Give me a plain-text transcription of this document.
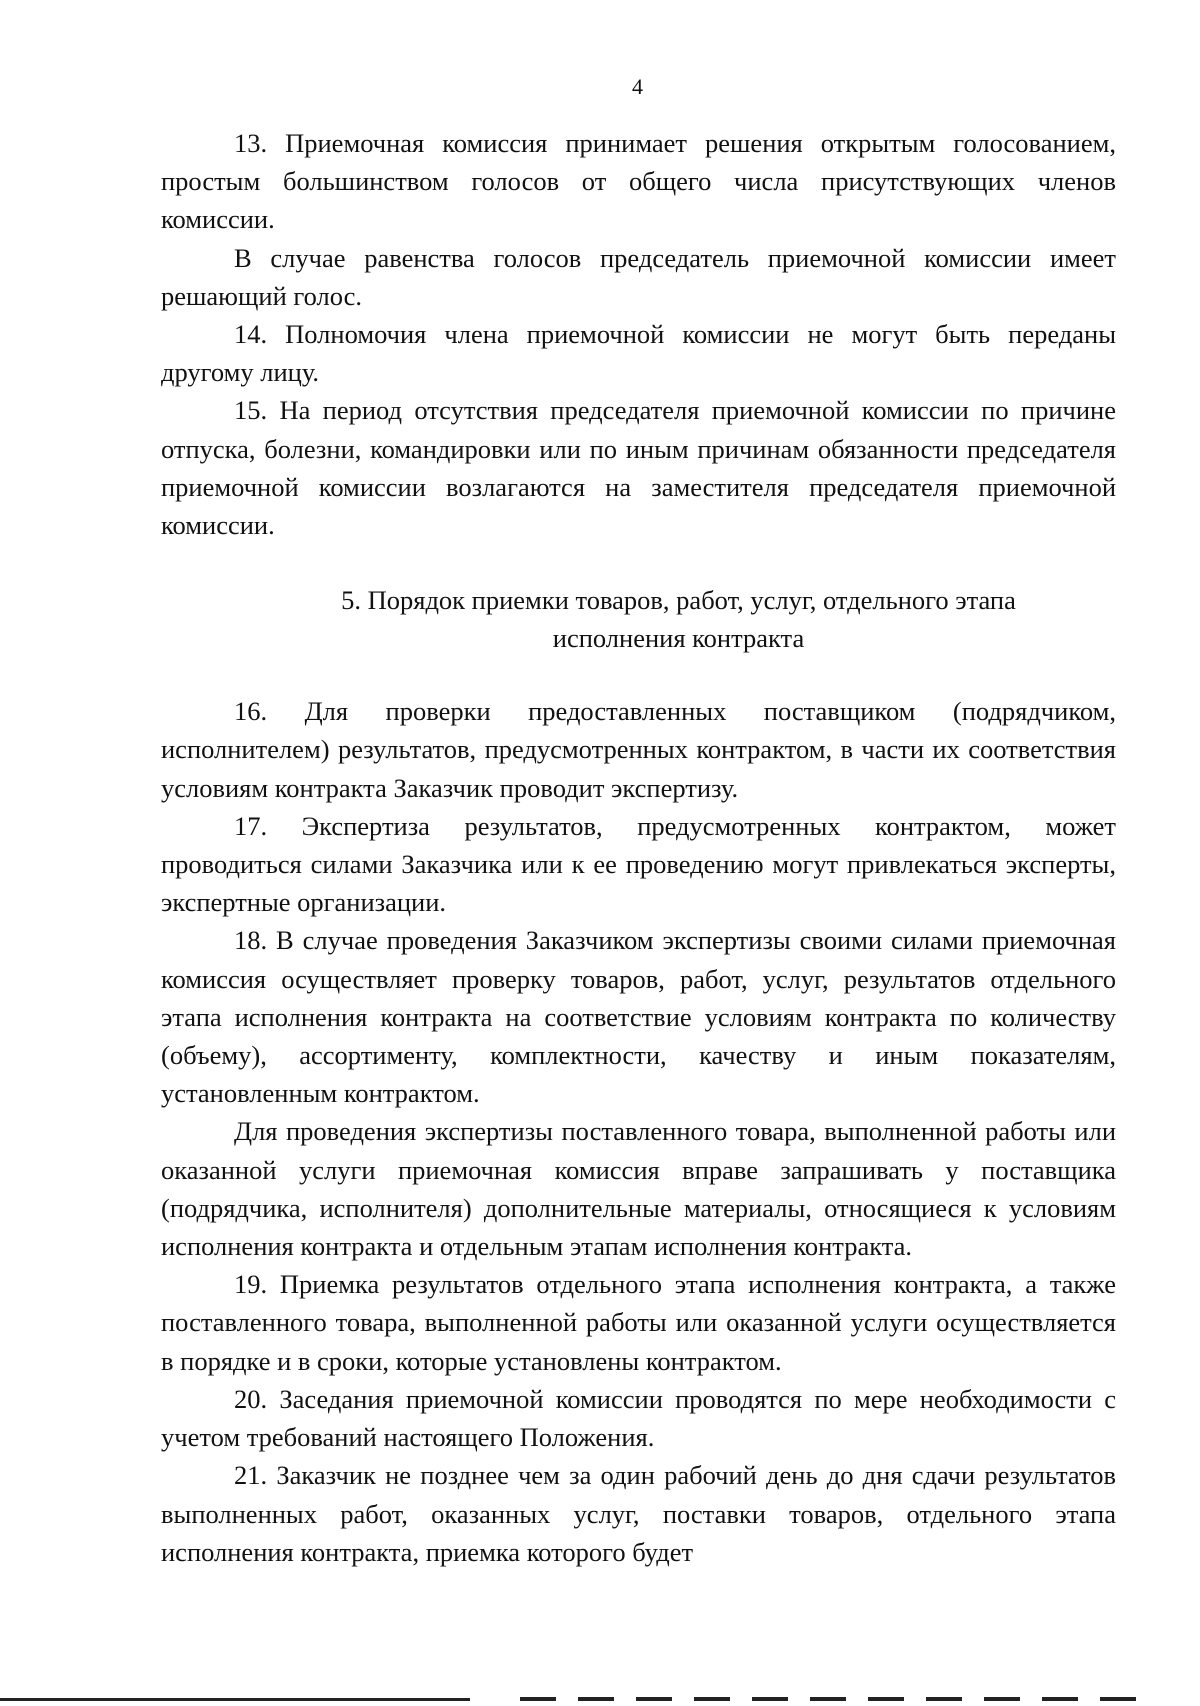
4

13. Приемочная комиссия принимает решения открытым голосованием, простым большинством голосов от общего числа присутствующих членов комиссии.

В случае равенства голосов председатель приемочной комиссии имеет решающий голос.

14. Полномочия члена приемочной комиссии не могут быть переданы другому лицу.

15. На период отсутствия председателя приемочной комиссии по причине отпуска, болезни, командировки или по иным причинам обязанности председателя приемочной комиссии возлагаются на заместителя председателя приемочной комиссии.

5. Порядок приемки товаров, работ, услуг, отдельного этапа
исполнения контракта

16. Для проверки предоставленных поставщиком (подрядчиком, исполнителем) результатов, предусмотренных контрактом, в части их соответствия условиям контракта Заказчик проводит экспертизу.

17. Экспертиза результатов, предусмотренных контрактом, может проводиться силами Заказчика или к ее проведению могут привлекаться эксперты, экспертные организации.

18. В случае проведения Заказчиком экспертизы своими силами приемочная комиссия осуществляет проверку товаров, работ, услуг, результатов отдельного этапа исполнения контракта на соответствие условиям контракта по количеству (объему), ассортименту, комплектности, качеству и иным показателям, установленным контрактом.

Для проведения экспертизы поставленного товара, выполненной работы или оказанной услуги приемочная комиссия вправе запрашивать у поставщика (подрядчика, исполнителя) дополнительные материалы, относящиеся к условиям исполнения контракта и отдельным этапам исполнения контракта.

19. Приемка результатов отдельного этапа исполнения контракта, а также поставленного товара, выполненной работы или оказанной услуги осуществляется в порядке и в сроки, которые установлены контрактом.

20. Заседания приемочной комиссии проводятся по мере необходимости с учетом требований настоящего Положения.

21. Заказчик не позднее чем за один рабочий день до дня сдачи результатов выполненных работ, оказанных услуг, поставки товаров, отдельного этапа исполнения контракта, приемка которого будет
